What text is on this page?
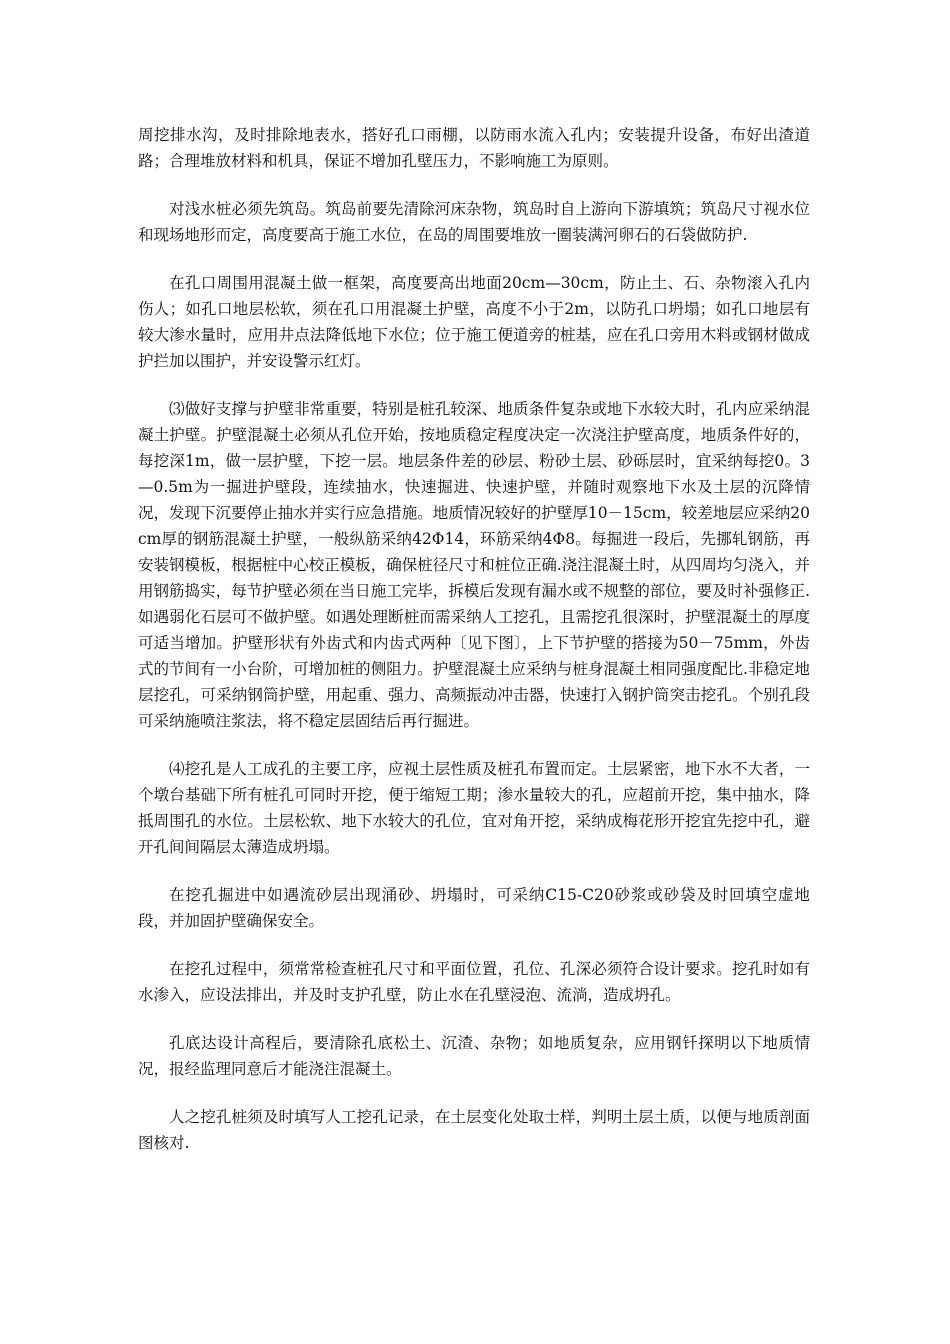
周挖排水沟，及时排除地表水，搭好孔口雨棚，以防雨水流入孔内；安装提升设备，布好出渣道路；合理堆放材料和机具，保证不增加孔壁压力，不影响施工为原则。

对浅水桩必须先筑岛。筑岛前要先清除河床杂物，筑岛时自上游向下游填筑；筑岛尺寸视水位和现场地形而定，高度要高于施工水位，在岛的周围要堆放一圈装满河卵石的石袋做防护.

在孔口周围用混凝土做一框架，高度要高出地面20cm—30cm，防止土、石、杂物滚入孔内伤人；如孔口地层松软，须在孔口用混凝土护壁，高度不小于2m，以防孔口坍塌；如孔口地层有较大渗水量时，应用井点法降低地下水位；位于施工便道旁的桩基，应在孔口旁用木料或钢材做成护拦加以围护，并安设警示红灯。

⑶做好支撑与护壁非常重要，特别是桩孔较深、地质条件复杂或地下水较大时，孔内应采纳混凝土护壁。护壁混凝土必须从孔位开始，按地质稳定程度决定一次浇注护壁高度，地质条件好的，每挖深1m，做一层护壁，下挖一层。地层条件差的砂层、粉砂土层、砂砾层时，宜采纳每挖0。3—0.5m为一掘进护壁段，连续抽水，快速掘进、快速护壁，并随时观察地下水及土层的沉降情况，发现下沉要停止抽水并实行应急措施。地质情况较好的护壁厚10－15cm，较差地层应采纳20cm厚的钢筋混凝土护壁，一般纵筋采纳42Φ14，环筋采纳4Φ8。每掘进一段后，先挪轧钢筋，再安装钢模板，根据桩中心校正模板，确保桩径尺寸和桩位正确.浇注混凝土时，从四周均匀浇入，并用钢筋捣实，每节护壁必须在当日施工完毕，拆模后发现有漏水或不规整的部位，要及时补强修正.如遇弱化石层可不做护壁。如遇处理断桩而需采纳人工挖孔，且需挖孔很深时，护壁混凝土的厚度可适当增加。护壁形状有外齿式和内齿式两种〔见下图〕，上下节护壁的搭接为50－75mm，外齿式的节间有一小台阶，可增加桩的侧阻力。护壁混凝土应采纳与桩身混凝土相同强度配比.非稳定地层挖孔，可采纳钢筒护壁，用起重、强力、高频振动冲击器，快速打入钢护筒突击挖孔。个别孔段可采纳施喷注浆法，将不稳定层固结后再行掘进。

⑷挖孔是人工成孔的主要工序，应视土层性质及桩孔布置而定。土层紧密，地下水不大者，一个墩台基础下所有桩孔可同时开挖，便于缩短工期；渗水量较大的孔，应超前开挖，集中抽水，降抵周围孔的水位。土层松软、地下水较大的孔位，宜对角开挖，采纳成梅花形开挖宜先挖中孔，避开孔间间隔层太薄造成坍塌。

在挖孔掘进中如遇流砂层出现涌砂、坍塌时，可采纳C15-C20砂浆或砂袋及时回填空虚地段，并加固护壁确保安全。

在挖孔过程中，须常常检查桩孔尺寸和平面位置，孔位、孔深必须符合设计要求。挖孔时如有水渗入，应设法排出，并及时支护孔壁，防止水在孔壁浸泡、流淌，造成坍孔。

孔底达设计高程后，要清除孔底松土、沉渣、杂物；如地质复杂，应用钢钎探明以下地质情况，报经监理同意后才能浇注混凝土。

人之挖孔桩须及时填写人工挖孔记录，在土层变化处取士样，判明土层土质，以便与地质剖面图核对.
